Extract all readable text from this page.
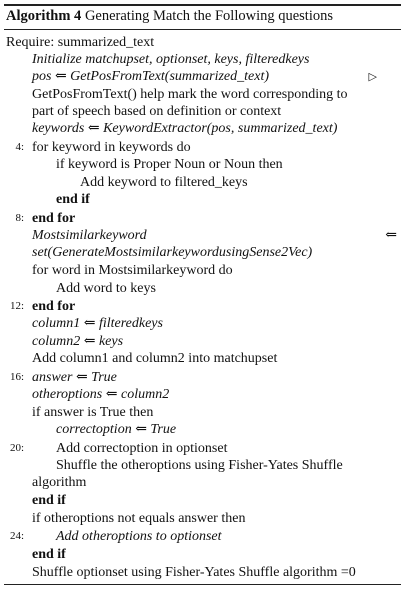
Algorithm 4 Generating Match the Following questions
Require: summarized_text
Initialize matchupset, optionset, keys, filteredkeys
pos ⇐ GetPosFromText(summarized_text)	▷
GetPosFromText() help mark the word corresponding to
part of speech based on definition or context
keywords ⇐ KeywordExtractor(pos, summarized_text)
4: for keyword in keywords do
if keyword is Proper Noun or Noun then
Add keyword to filtered_keys
end if
8: end for
Mostsimilarkeyword	⇐
set(GenerateMostsimilarkeywordusingSense2Vec)
for word in Mostsimilarkeyword do
Add word to keys
12: end for
column1 ⇐ filteredkeys
column2 ⇐ keys
Add column1 and column2 into matchupset
16: answer ⇐ True
otheroptions ⇐ column2
if answer is True then
correctoption ⇐ True
20: Add correctoption in optionset
Shuffle the otheroptions using Fisher-Yates Shuffle
algorithm
end if
if otheroptions not equals answer then
24: Add otheroptions to optionset
end if
Shuffle optionset using Fisher-Yates Shuffle algorithm =0
